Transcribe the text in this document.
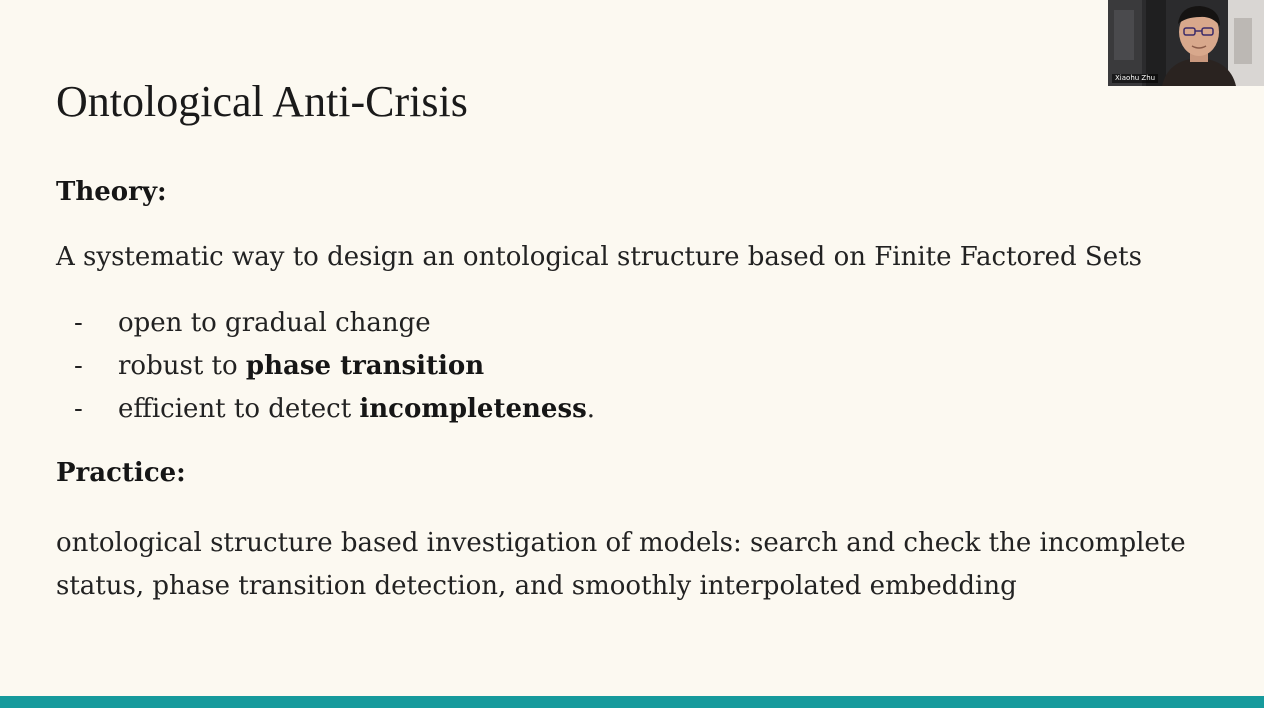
Ontological Anti-Crisis
Theory:

A systematic way to design an ontological structure based on Finite Factored Sets

- open to gradual change
- robust to phase transition
- efficient to detect incompleteness.
Practice:

ontological structure based investigation of models: search and check the incomplete
status, phase transition detection, and smoothly interpolated embedding

Xiaohu Zhu
